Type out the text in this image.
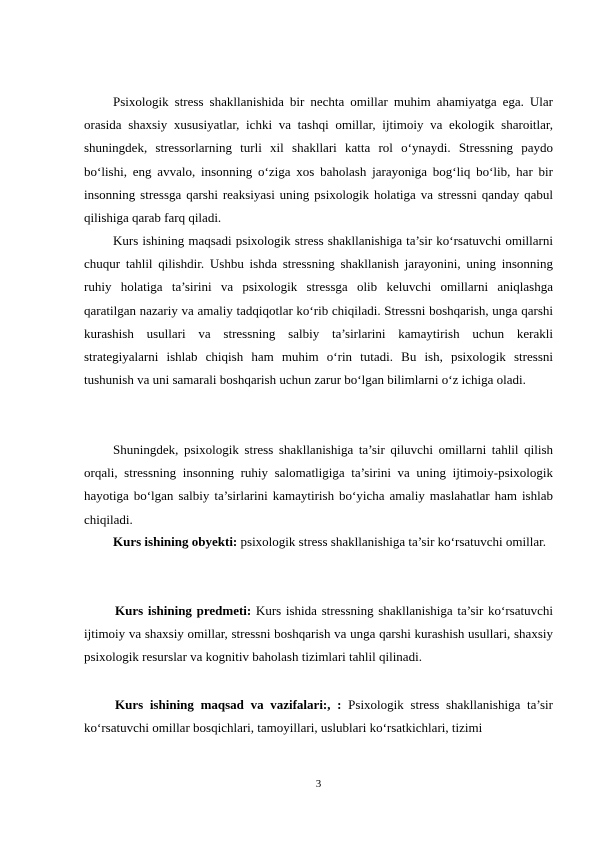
Psixologik stress shakllanishida bir nechta omillar muhim ahamiyatga ega. Ular orasida shaxsiy xususiyatlar, ichki va tashqi omillar, ijtimoiy va ekologik sharoitlar, shuningdek, stressorlarning turli xil shakllari katta rol o‘ynaydi. Stressning paydo bo‘lishi, eng avvalo, insonning o‘ziga xos baholash jarayoniga bog‘liq bo‘lib, har bir insonning stressga qarshi reaksiyasi uning psixologik holatiga va stressni qanday qabul qilishiga qarab farq qiladi.

Kurs ishining maqsadi psixologik stress shakllanishiga ta’sir ko‘rsatuvchi omillarni chuqur tahlil qilishdir. Ushbu ishda stressning shakllanish jarayonini, uning insonning ruhiy holatiga ta’sirini va psixologik stressga olib keluvchi omillarni aniqlashga qaratilgan nazariy va amaliy tadqiqotlar ko‘rib chiqiladi. Stressni boshqarish, unga qarshi kurashish usullari va stressning salbiy ta’sirlarini kamaytirish uchun kerakli strategiyalarni ishlab chiqish ham muhim o‘rin tutadi. Bu ish, psixologik stressni tushunish va uni samarali boshqarish uchun zarur bo‘lgan bilimlarni o‘z ichiga oladi.

Shuningdek, psixologik stress shakllanishiga ta’sir qiluvchi omillarni tahlil qilish orqali, stressning insonning ruhiy salomatligiga ta’sirini va uning ijtimoiy-psixologik hayotiga bo‘lgan salbiy ta’sirlarini kamaytirish bo‘yicha amaliy maslahatlar ham ishlab chiqiladi.

Kurs ishining obyekti: psixologik stress shakllanishiga ta’sir ko‘rsatuvchi omillar.

Kurs ishining predmeti: Kurs ishida stressning shakllanishiga ta’sir ko‘rsatuvchi ijtimoiy va shaxsiy omillar, stressni boshqarish va unga qarshi kurashish usullari, shaxsiy psixologik resurslar va kognitiv baholash tizimlari tahlil qilinadi.

Kurs ishining maqsad va vazifalari:, : Psixologik stress shakllanishiga ta’sir ko‘rsatuvchi omillar bosqichlari, tamoyillari, uslublari ko‘rsatkichlari, tizimi

3
